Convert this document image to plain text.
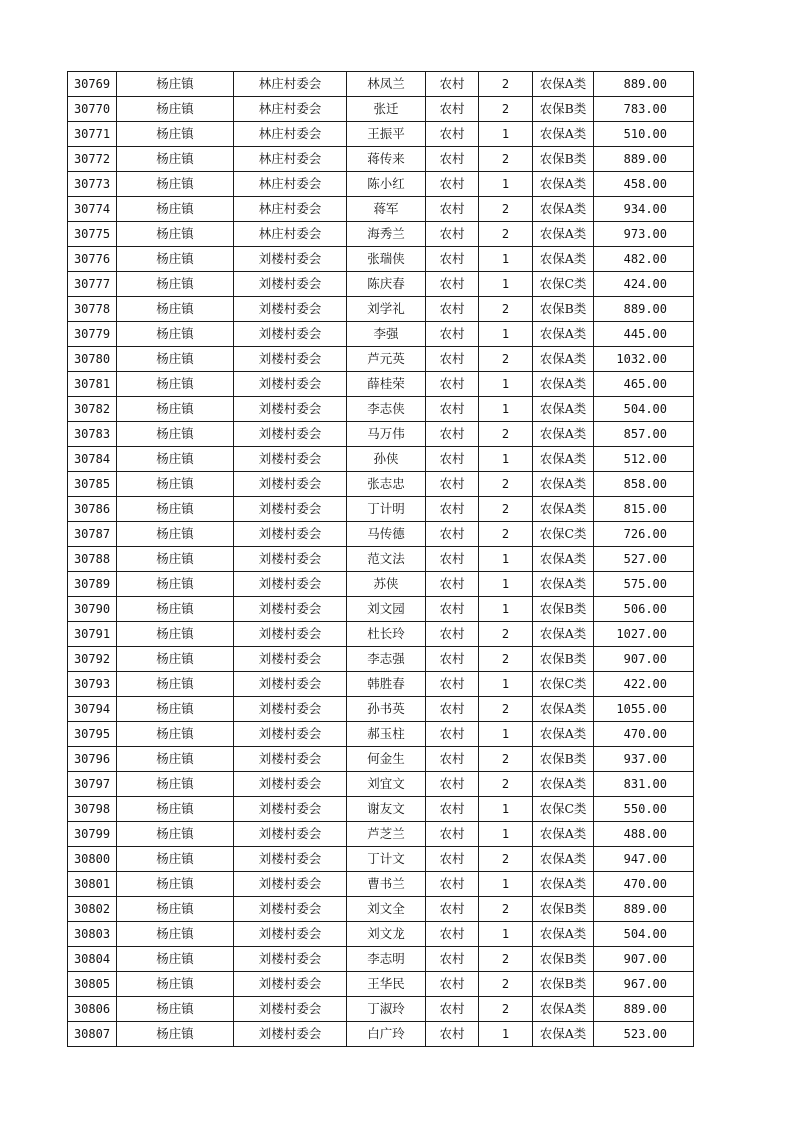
30769	杨庄镇	林庄村委会	林凤兰	农村	2	农保A类	889.00
30770	杨庄镇	林庄村委会	张迁	农村	2	农保B类	783.00
30771	杨庄镇	林庄村委会	王振平	农村	1	农保A类	510.00
30772	杨庄镇	林庄村委会	蒋传来	农村	2	农保B类	889.00
30773	杨庄镇	林庄村委会	陈小红	农村	1	农保A类	458.00
30774	杨庄镇	林庄村委会	蒋军	农村	2	农保A类	934.00
30775	杨庄镇	林庄村委会	海秀兰	农村	2	农保A类	973.00
30776	杨庄镇	刘楼村委会	张瑞侠	农村	1	农保A类	482.00
30777	杨庄镇	刘楼村委会	陈庆春	农村	1	农保C类	424.00
30778	杨庄镇	刘楼村委会	刘学礼	农村	2	农保B类	889.00
30779	杨庄镇	刘楼村委会	李强	农村	1	农保A类	445.00
30780	杨庄镇	刘楼村委会	芦元英	农村	2	农保A类	1032.00
30781	杨庄镇	刘楼村委会	薛桂荣	农村	1	农保A类	465.00
30782	杨庄镇	刘楼村委会	李志侠	农村	1	农保A类	504.00
30783	杨庄镇	刘楼村委会	马万伟	农村	2	农保A类	857.00
30784	杨庄镇	刘楼村委会	孙侠	农村	1	农保A类	512.00
30785	杨庄镇	刘楼村委会	张志忠	农村	2	农保A类	858.00
30786	杨庄镇	刘楼村委会	丁计明	农村	2	农保A类	815.00
30787	杨庄镇	刘楼村委会	马传德	农村	2	农保C类	726.00
30788	杨庄镇	刘楼村委会	范文法	农村	1	农保A类	527.00
30789	杨庄镇	刘楼村委会	苏侠	农村	1	农保A类	575.00
30790	杨庄镇	刘楼村委会	刘文园	农村	1	农保B类	506.00
30791	杨庄镇	刘楼村委会	杜长玲	农村	2	农保A类	1027.00
30792	杨庄镇	刘楼村委会	李志强	农村	2	农保B类	907.00
30793	杨庄镇	刘楼村委会	韩胜春	农村	1	农保C类	422.00
30794	杨庄镇	刘楼村委会	孙书英	农村	2	农保A类	1055.00
30795	杨庄镇	刘楼村委会	郝玉柱	农村	1	农保A类	470.00
30796	杨庄镇	刘楼村委会	何金生	农村	2	农保B类	937.00
30797	杨庄镇	刘楼村委会	刘宜文	农村	2	农保A类	831.00
30798	杨庄镇	刘楼村委会	谢友文	农村	1	农保C类	550.00
30799	杨庄镇	刘楼村委会	芦芝兰	农村	1	农保A类	488.00
30800	杨庄镇	刘楼村委会	丁计文	农村	2	农保A类	947.00
30801	杨庄镇	刘楼村委会	曹书兰	农村	1	农保A类	470.00
30802	杨庄镇	刘楼村委会	刘文全	农村	2	农保B类	889.00
30803	杨庄镇	刘楼村委会	刘文龙	农村	1	农保A类	504.00
30804	杨庄镇	刘楼村委会	李志明	农村	2	农保B类	907.00
30805	杨庄镇	刘楼村委会	王华民	农村	2	农保B类	967.00
30806	杨庄镇	刘楼村委会	丁淑玲	农村	2	农保A类	889.00
30807	杨庄镇	刘楼村委会	白广玲	农村	1	农保A类	523.00
